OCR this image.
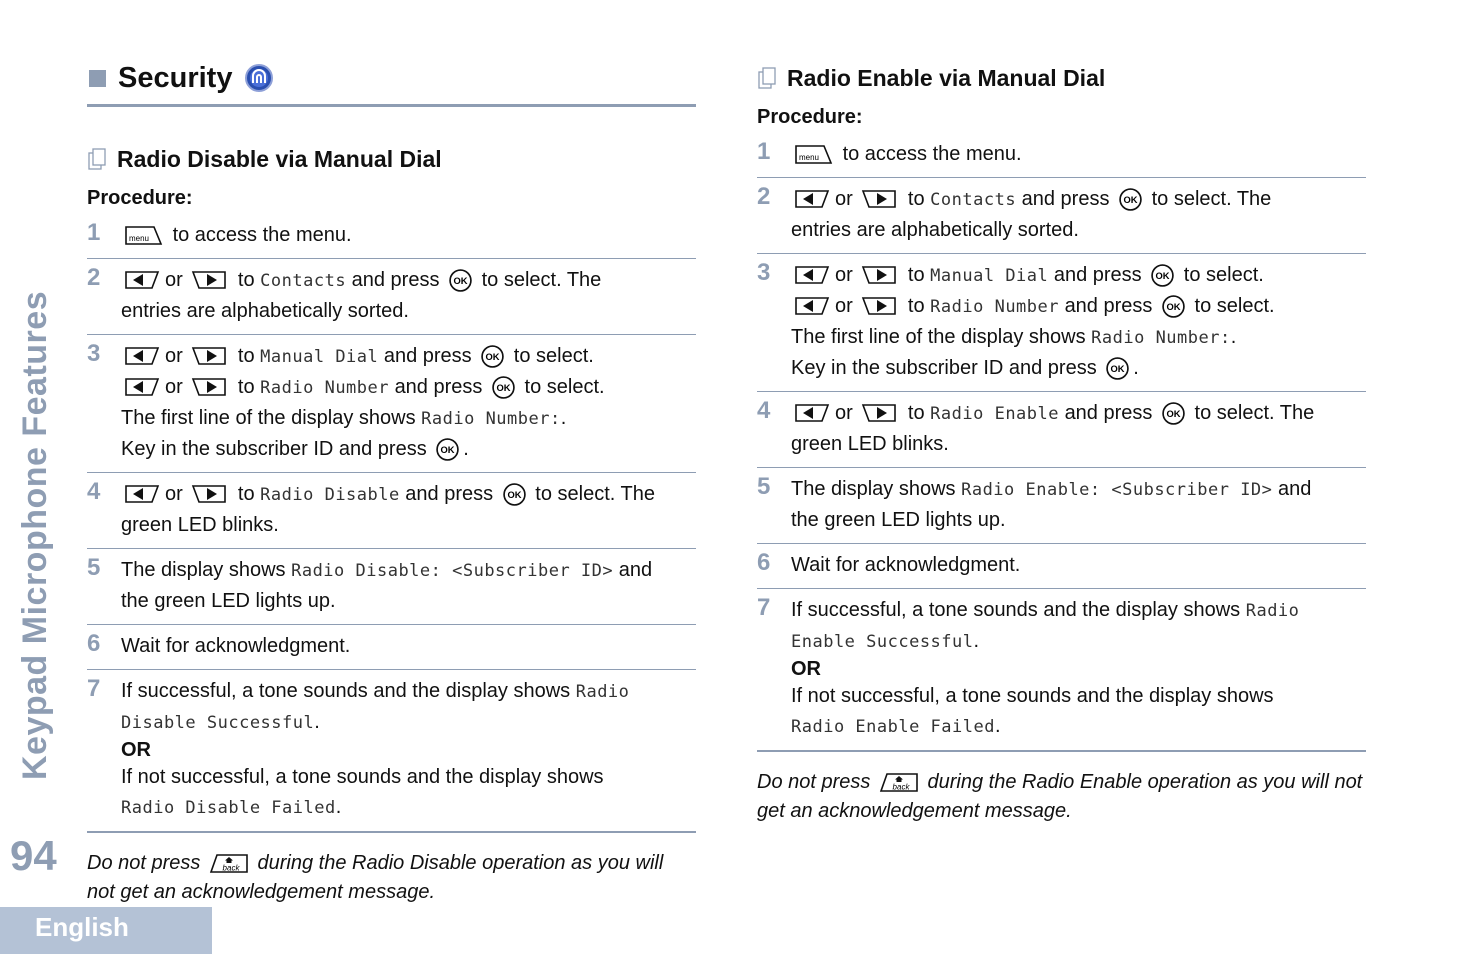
Keypad Microphone Features
94
English
Security
Radio Disable via Manual Dial
Procedure:
1	to access the menu.
2	or	to Contacts and press to select. The

entries are alphabetically sorted.

3	or	to Manual Dial and press to select.

or	to Radio Number and press to select.

The first line of the display shows Radio Number:.

Key in the subscriber ID and press .

4	or	to Radio Disable and press to select. The

green LED blinks.

5	The display shows Radio Disable: <Subscriber ID> and

the green LED lights up.

6	Wait for acknowledgment.

7	If successful, a tone sounds and the display shows Radio Disable Successful.

OR

If not successful, a tone sounds and the display shows

Radio Disable Failed.

Do not press	during the Radio Disable operation as you will not get an acknowledgement message.
Radio Enable via Manual Dial
Procedure:
1	to access the menu.
2	or	to Contacts and press to select. The

entries are alphabetically sorted.

3	or	to Manual Dial and press to select.

or	to Radio Number and press to select.

The first line of the display shows Radio Number:.

Key in the subscriber ID and press .

4	or	to Radio Enable and press to select. The

green LED blinks.

5	The display shows Radio Enable: <Subscriber ID> and

the green LED lights up.

6	Wait for acknowledgment.

7	If successful, a tone sounds and the display shows Radio Enable Successful.

OR

If not successful, a tone sounds and the display shows

Radio Enable Failed.

Do not press	during the Radio Enable operation as you will not get an acknowledgement message.
